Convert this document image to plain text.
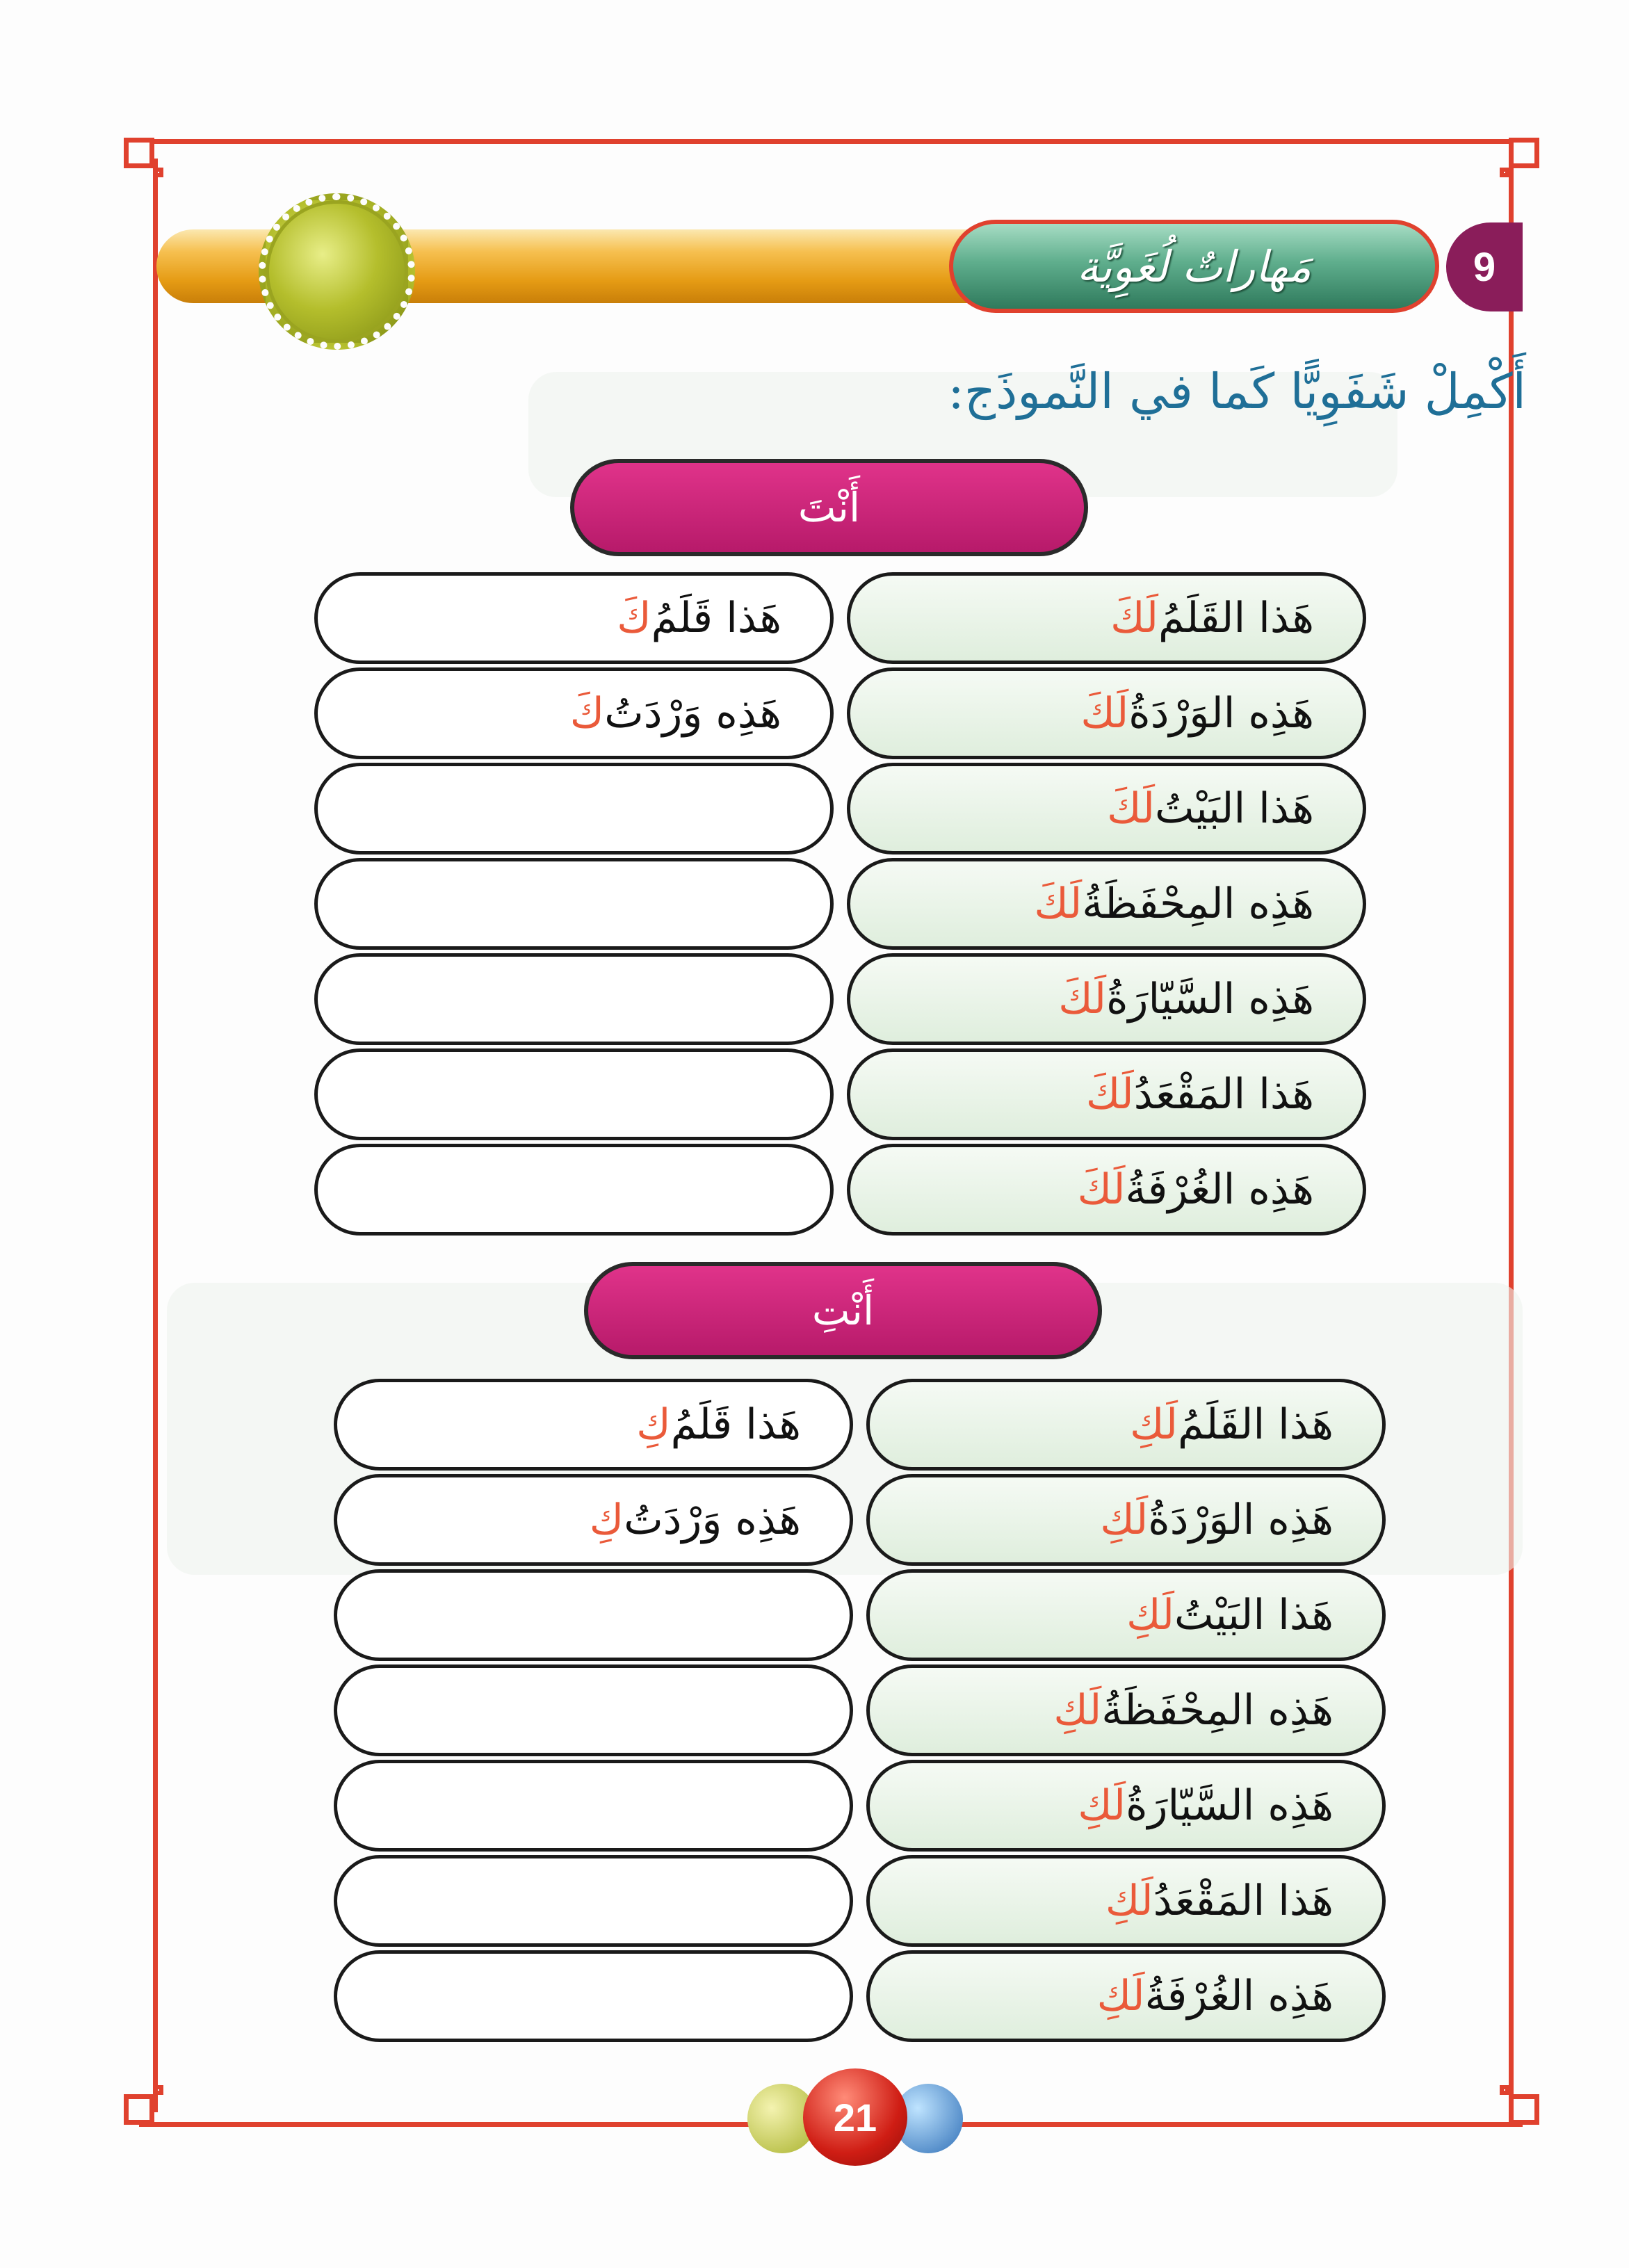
مَهاراتٌ لُغَوِيَّة	9
أَكْمِلْ شَفَوِيًّا كَما في النَّموذَج:
أَنْتَ
هَذا القَلَمُ
لَكَ
هَذا قَلَمُ
كَ
هَذِه الوَرْدَةُ
لَكَ
هَذِه وَرْدَتُ
كَ
هَذا البَيْتُ
لَكَ
هَذِه المِحْفَظَةُ
لَكَ
هَذِه السَّيّارَةُ
لَكَ
هَذا المَقْعَدُ
لَكَ
هَذِه الغُرْفَةُ
لَكَ
أَنْتِ
هَذا القَلَمُ
لَكِ
هَذا قَلَمُ
كِ
هَذِه الوَرْدَةُ
لَكِ
هَذِه وَرْدَتُ
كِ
هَذا البَيْتُ
لَكِ
هَذِه المِحْفَظَةُ
لَكِ
هَذِه السَّيّارَةُ
لَكِ
هَذا المَقْعَدُ
لَكِ
هَذِه الغُرْفَةُ
لَكِ
21
